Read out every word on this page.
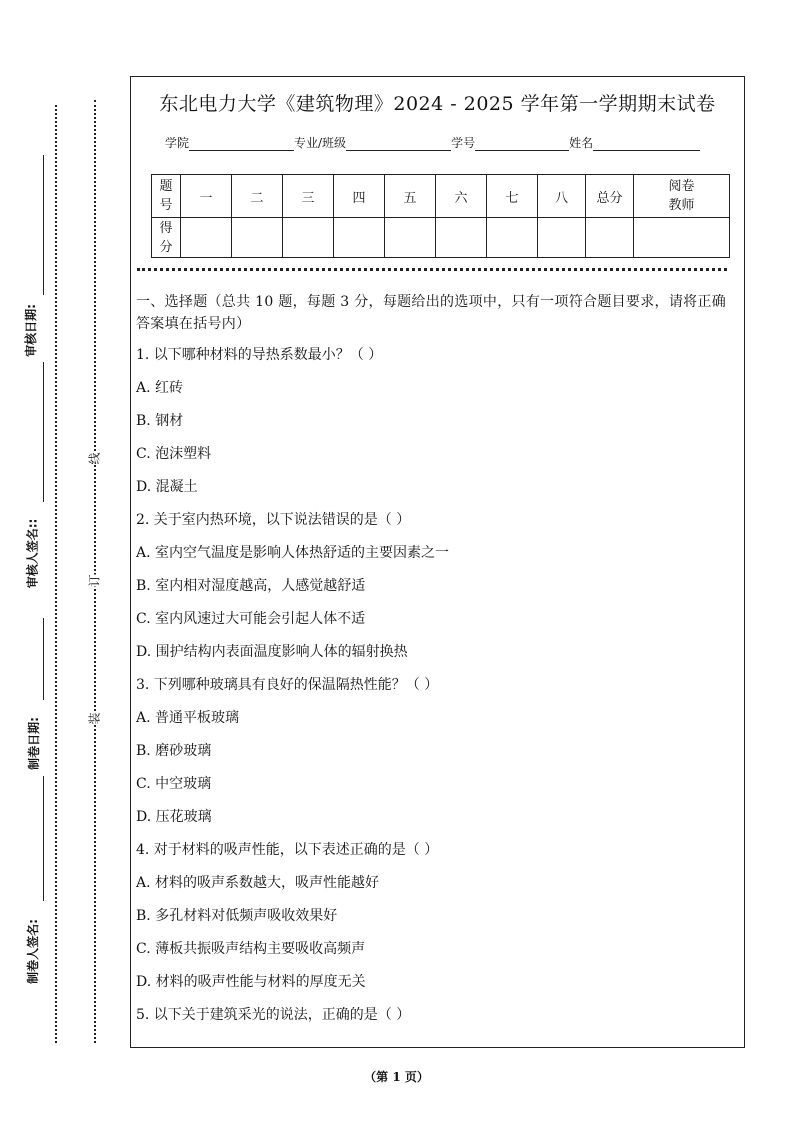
审核日期:
审核人签名::
制卷日期:
制卷人签名:
线
订
装
东北电力大学《建筑物理》2024 - 2025 学年第一学期期末试卷
学院	专业/班级	学号	姓名
题号	一	二	三	四	五	六	七	八	总分	阅卷教师

得分										

一、选择题（总共 10 题，每题 3 分，每题给出的选项中，只有一项符合题目要求，请将正确答案填在括号内）
1. 以下哪种材料的导热系数最小？（ ）
A. 红砖
B. 钢材
C. 泡沫塑料
D. 混凝土
2. 关于室内热环境，以下说法错误的是（ ）
A. 室内空气温度是影响人体热舒适的主要因素之一
B. 室内相对湿度越高，人感觉越舒适
C. 室内风速过大可能会引起人体不适
D. 围护结构内表面温度影响人体的辐射换热
3. 下列哪种玻璃具有良好的保温隔热性能？（ ）
A. 普通平板玻璃
B. 磨砂玻璃
C. 中空玻璃
D. 压花玻璃
4. 对于材料的吸声性能，以下表述正确的是（ ）
A. 材料的吸声系数越大，吸声性能越好
B. 多孔材料对低频声吸收效果好
C. 薄板共振吸声结构主要吸收高频声
D. 材料的吸声性能与材料的厚度无关
5. 以下关于建筑采光的说法，正确的是（ ）
（第 1 页）
